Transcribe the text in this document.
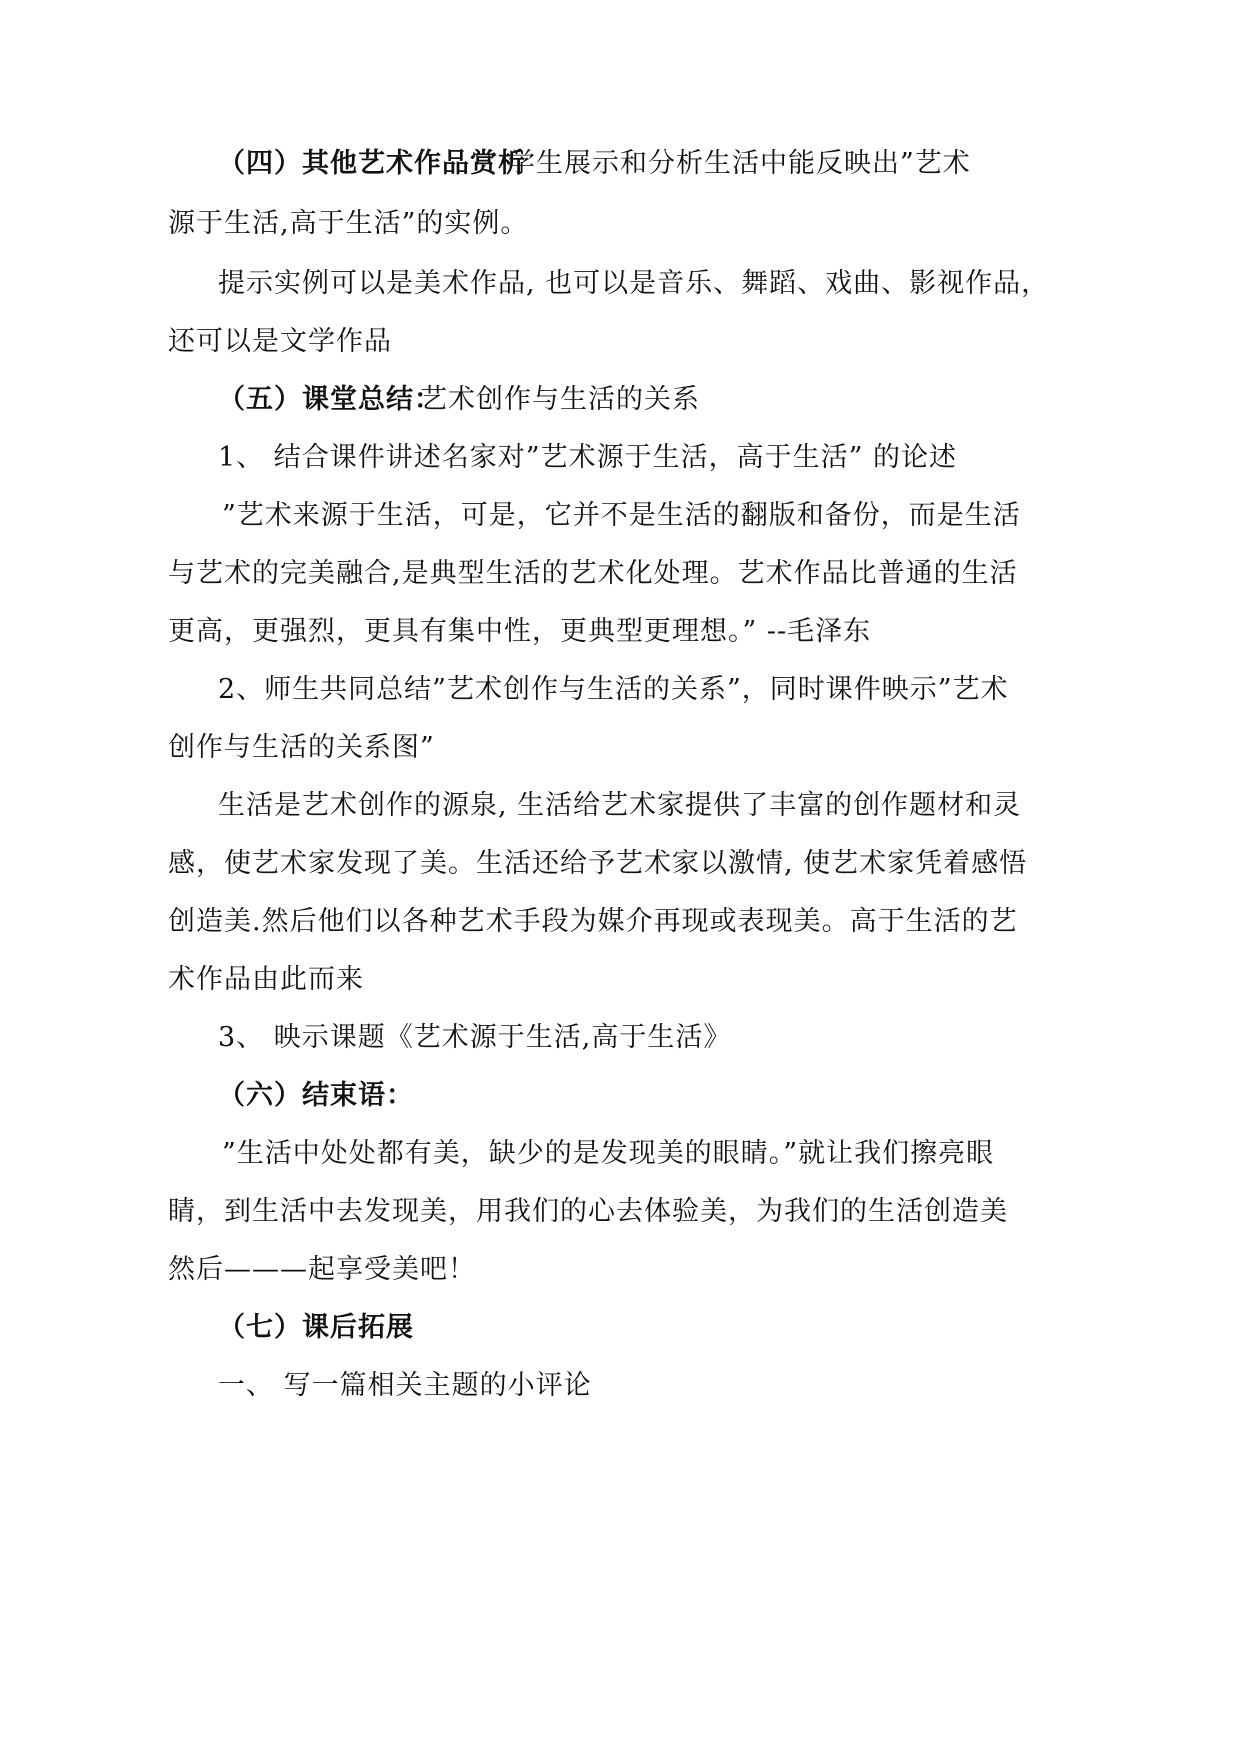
（四）其他艺术作品赏析
学生展示和分析生活中能反映出”艺术
源于生活,高于生活”的实例。
提示实例可以是美术作品, 也可以是音乐、舞蹈、戏曲、影视作品，
还可以是文学作品
（五）课堂总结：
艺术创作与生活的关系
1、 结合课件讲述名家对”艺术源于生活，高于生活” 的论述
”艺术来源于生活，可是，它并不是生活的翻版和备份，而是生活
与艺术的完美融合,是典型生活的艺术化处理。艺术作品比普通的生活
更高，更强烈，更具有集中性，更典型更理想。” --毛泽东
2、师生共同总结”艺术创作与生活的关系”，同时课件映示”艺术
创作与生活的关系图”
生活是艺术创作的源泉, 生活给艺术家提供了丰富的创作题材和灵
感，使艺术家发现了美。生活还给予艺术家以激情, 使艺术家凭着感悟
创造美.然后他们以各种艺术手段为媒介再现或表现美。高于生活的艺
术作品由此而来
3、 映示课题《艺术源于生活,高于生活》
（六）结束语：
”生活中处处都有美，缺少的是发现美的眼睛。”就让我们擦亮眼
睛，到生活中去发现美，用我们的心去体验美，为我们的生活创造美
然后———起享受美吧！
（七）课后拓展
一、 写一篇相关主题的小评论
